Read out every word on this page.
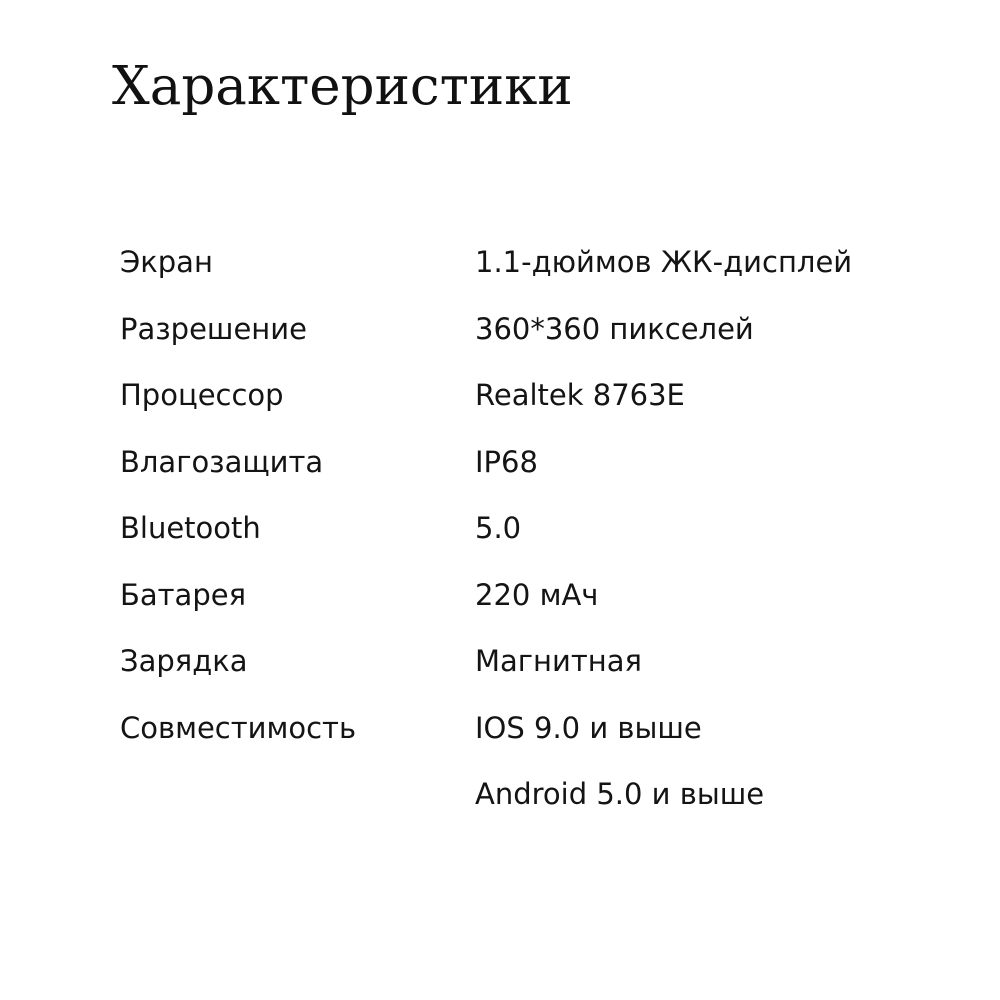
Характеристики
Экран	1.1-дюймов ЖК-дисплей
Разрешение	360*360 пикселей
Процессор	Realtek 8763E
Влагозащита	IP68
Bluetooth	5.0
Батарея	220 мАч
Зарядка	Магнитная
Совместимость	IOS 9.0 и выше
Android 5.0 и выше
